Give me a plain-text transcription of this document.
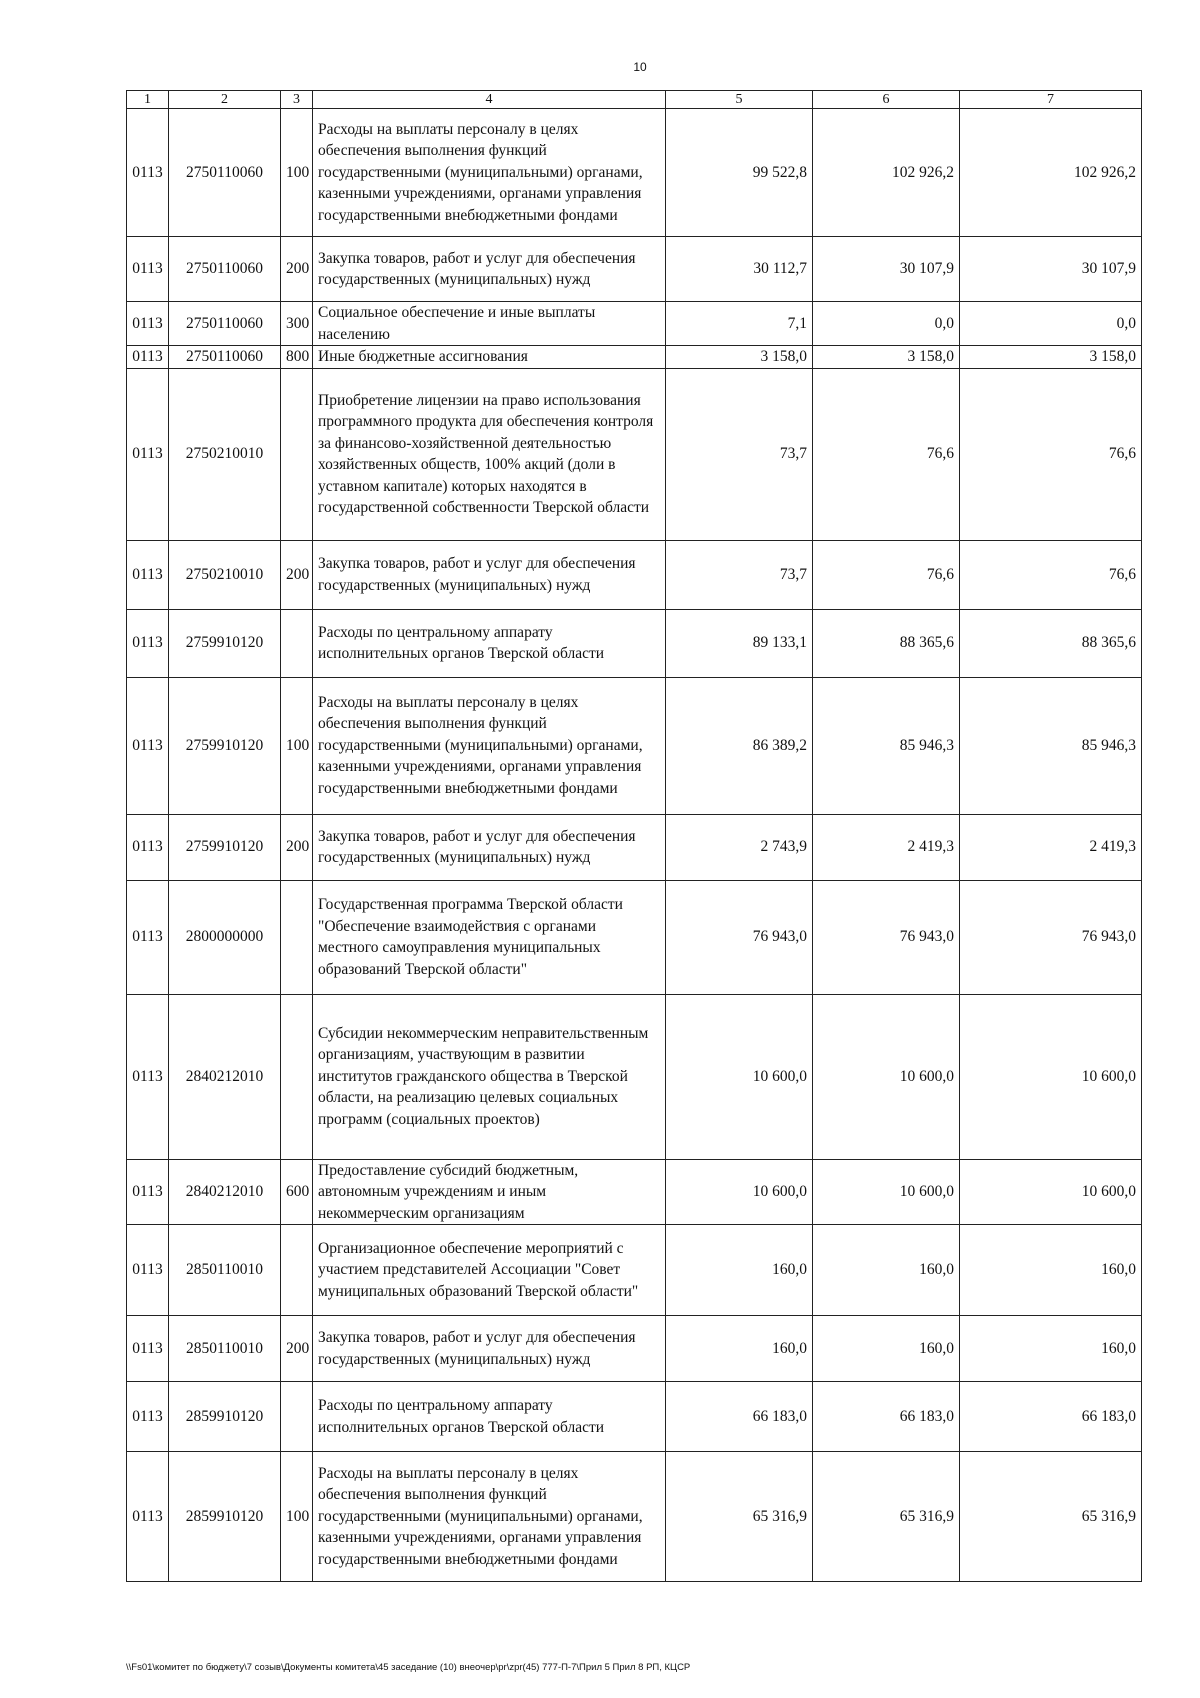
10
1	2	3	4	5	6	7
0113	2750110060	100	Расходы на выплаты персоналу в целях обеспечения выполнения функций государственными (муниципальными) органами, казенными учреждениями, органами управления государственными внебюджетными фондами	99 522,8	102 926,2	102 926,2
0113	2750110060	200	Закупка товаров, работ и услуг для обеспечения государственных (муниципальных) нужд	30 112,7	30 107,9	30 107,9
0113	2750110060	300	Социальное обеспечение и иные выплаты населению	7,1	0,0	0,0
0113	2750110060	800	Иные бюджетные ассигнования	3 158,0	3 158,0	3 158,0
0113	2750210010		Приобретение лицензии на право использования программного продукта для обеспечения контроля за финансово-хозяйственной деятельностью хозяйственных обществ, 100% акций (доли в уставном капитале) которых находятся в государственной собственности Тверской области	73,7	76,6	76,6
0113	2750210010	200	Закупка товаров, работ и услуг для обеспечения государственных (муниципальных) нужд	73,7	76,6	76,6
0113	2759910120		Расходы по центральному аппарату исполнительных органов Тверской области	89 133,1	88 365,6	88 365,6
0113	2759910120	100	Расходы на выплаты персоналу в целях обеспечения выполнения функций государственными (муниципальными) органами, казенными учреждениями, органами управления государственными внебюджетными фондами	86 389,2	85 946,3	85 946,3
0113	2759910120	200	Закупка товаров, работ и услуг для обеспечения государственных (муниципальных) нужд	2 743,9	2 419,3	2 419,3
0113	2800000000		Государственная программа Тверской области "Обеспечение взаимодействия с органами местного самоуправления муниципальных образований Тверской области"	76 943,0	76 943,0	76 943,0
0113	2840212010		Субсидии некоммерческим неправительственным организациям, участвующим в развитии институтов гражданского общества в Тверской области, на реализацию целевых социальных программ (социальных проектов)	10 600,0	10 600,0	10 600,0
0113	2840212010	600	Предоставление субсидий бюджетным, автономным учреждениям и иным некоммерческим организациям	10 600,0	10 600,0	10 600,0
0113	2850110010		Организационное обеспечение мероприятий с участием представителей Ассоциации "Совет муниципальных образований Тверской области"	160,0	160,0	160,0
0113	2850110010	200	Закупка товаров, работ и услуг для обеспечения государственных (муниципальных) нужд	160,0	160,0	160,0
0113	2859910120		Расходы по центральному аппарату исполнительных органов Тверской области	66 183,0	66 183,0	66 183,0
0113	2859910120	100	Расходы на выплаты персоналу в целях обеспечения выполнения функций государственными (муниципальными) органами, казенными учреждениями, органами управления государственными внебюджетными фондами	65 316,9	65 316,9	65 316,9
\\Fs01\комитет по бюджету\7 созыв\Документы комитета\45 заседание (10) внеочер\pr\zpr(45) 777-П-7\Прил 5 Прил 8 РП, КЦСР
